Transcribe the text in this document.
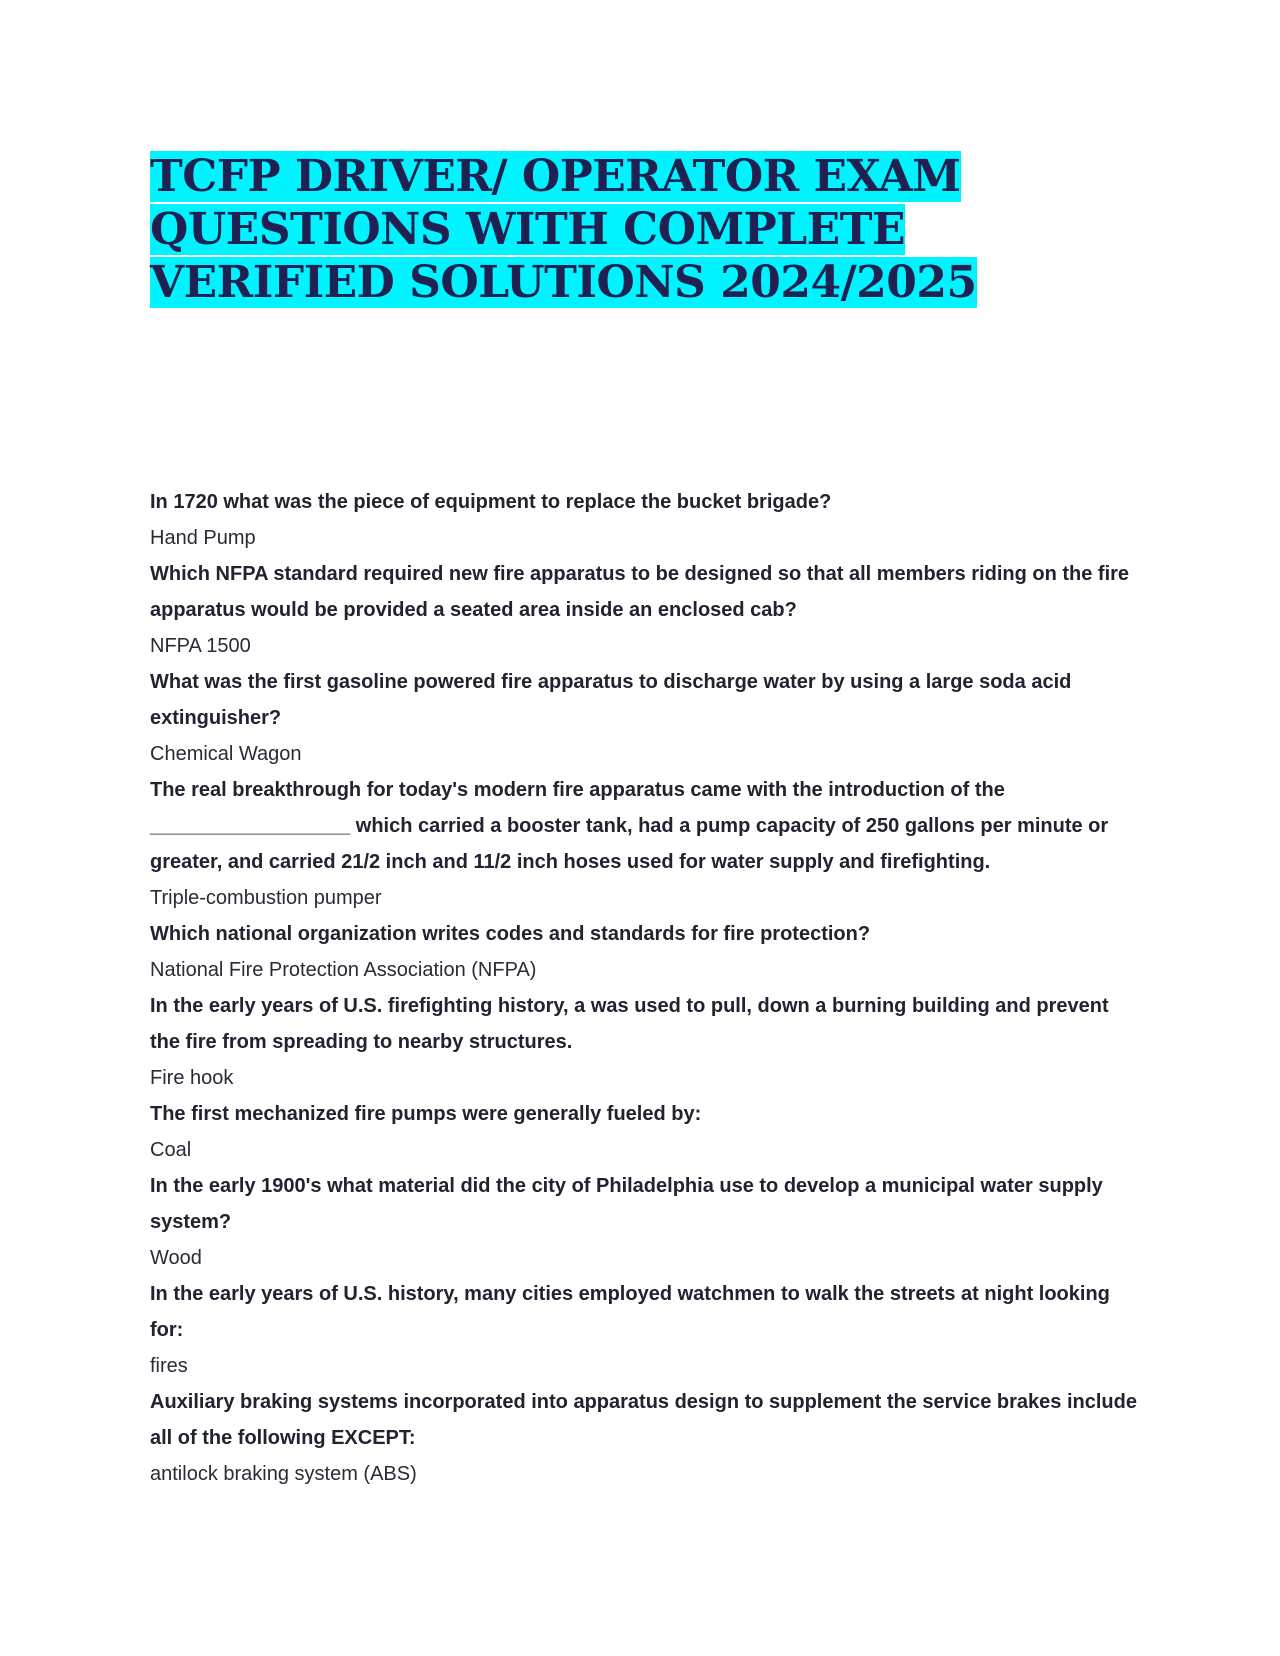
TCFP DRIVER/ OPERATOR EXAM QUESTIONS WITH COMPLETE VERIFIED SOLUTIONS 2024/2025

In 1720 what was the piece of equipment to replace the bucket brigade?

Hand Pump

Which NFPA standard required new fire apparatus to be designed so that all members riding on the fire apparatus would be provided a seated area inside an enclosed cab?

NFPA 1500

What was the first gasoline powered fire apparatus to discharge water by using a large soda acid extinguisher?

Chemical Wagon

The real breakthrough for today's modern fire apparatus came with the introduction of the __________________ which carried a booster tank, had a pump capacity of 250 gallons per minute or greater, and carried 21/2 inch and 11/2 inch hoses used for water supply and firefighting.

Triple-combustion pumper

Which national organization writes codes and standards for fire protection?

National Fire Protection Association (NFPA)

In the early years of U.S. firefighting history, a was used to pull, down a burning building and prevent the fire from spreading to nearby structures.

Fire hook

The first mechanized fire pumps were generally fueled by:

Coal

In the early 1900's what material did the city of Philadelphia use to develop a municipal water supply system?

Wood

In the early years of U.S. history, many cities employed watchmen to walk the streets at night looking for:

fires

Auxiliary braking systems incorporated into apparatus design to supplement the service brakes include all of the following EXCEPT:

antilock braking system (ABS)
